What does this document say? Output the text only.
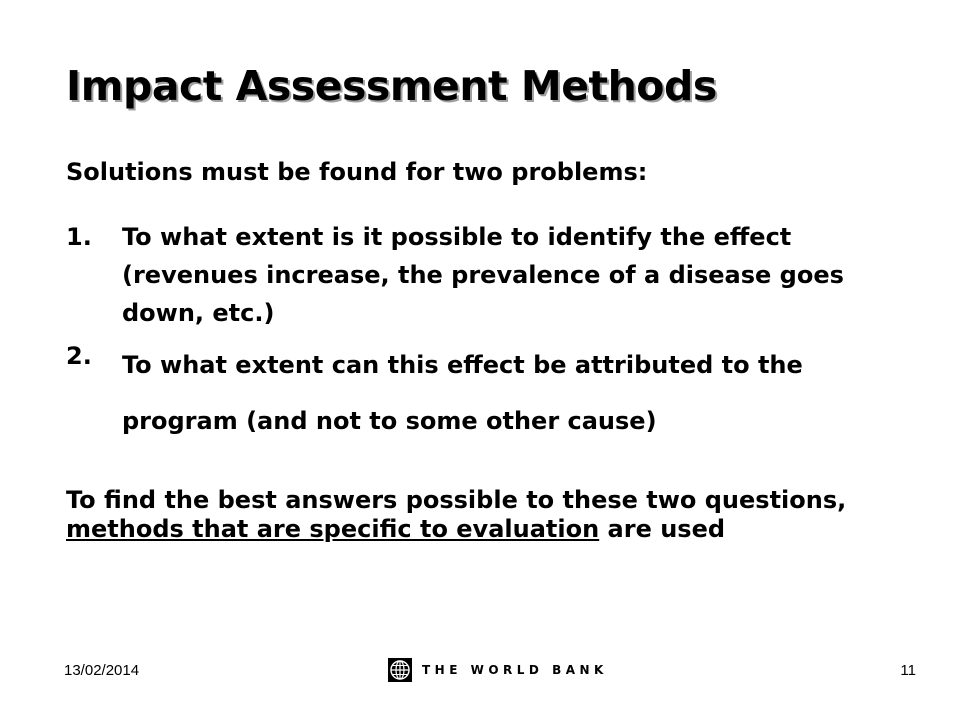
Impact Assessment Methods
Solutions must be found for two problems:
1. To what extent is it possible to identify the effect (revenues increase, the prevalence of a disease goes down, etc.)
2. To what extent can this effect be attributed to the program (and not to some other cause)
To find the best answers possible to these two questions, methods that are specific to evaluation are used
13/02/2014	THE WORLD BANK	11
